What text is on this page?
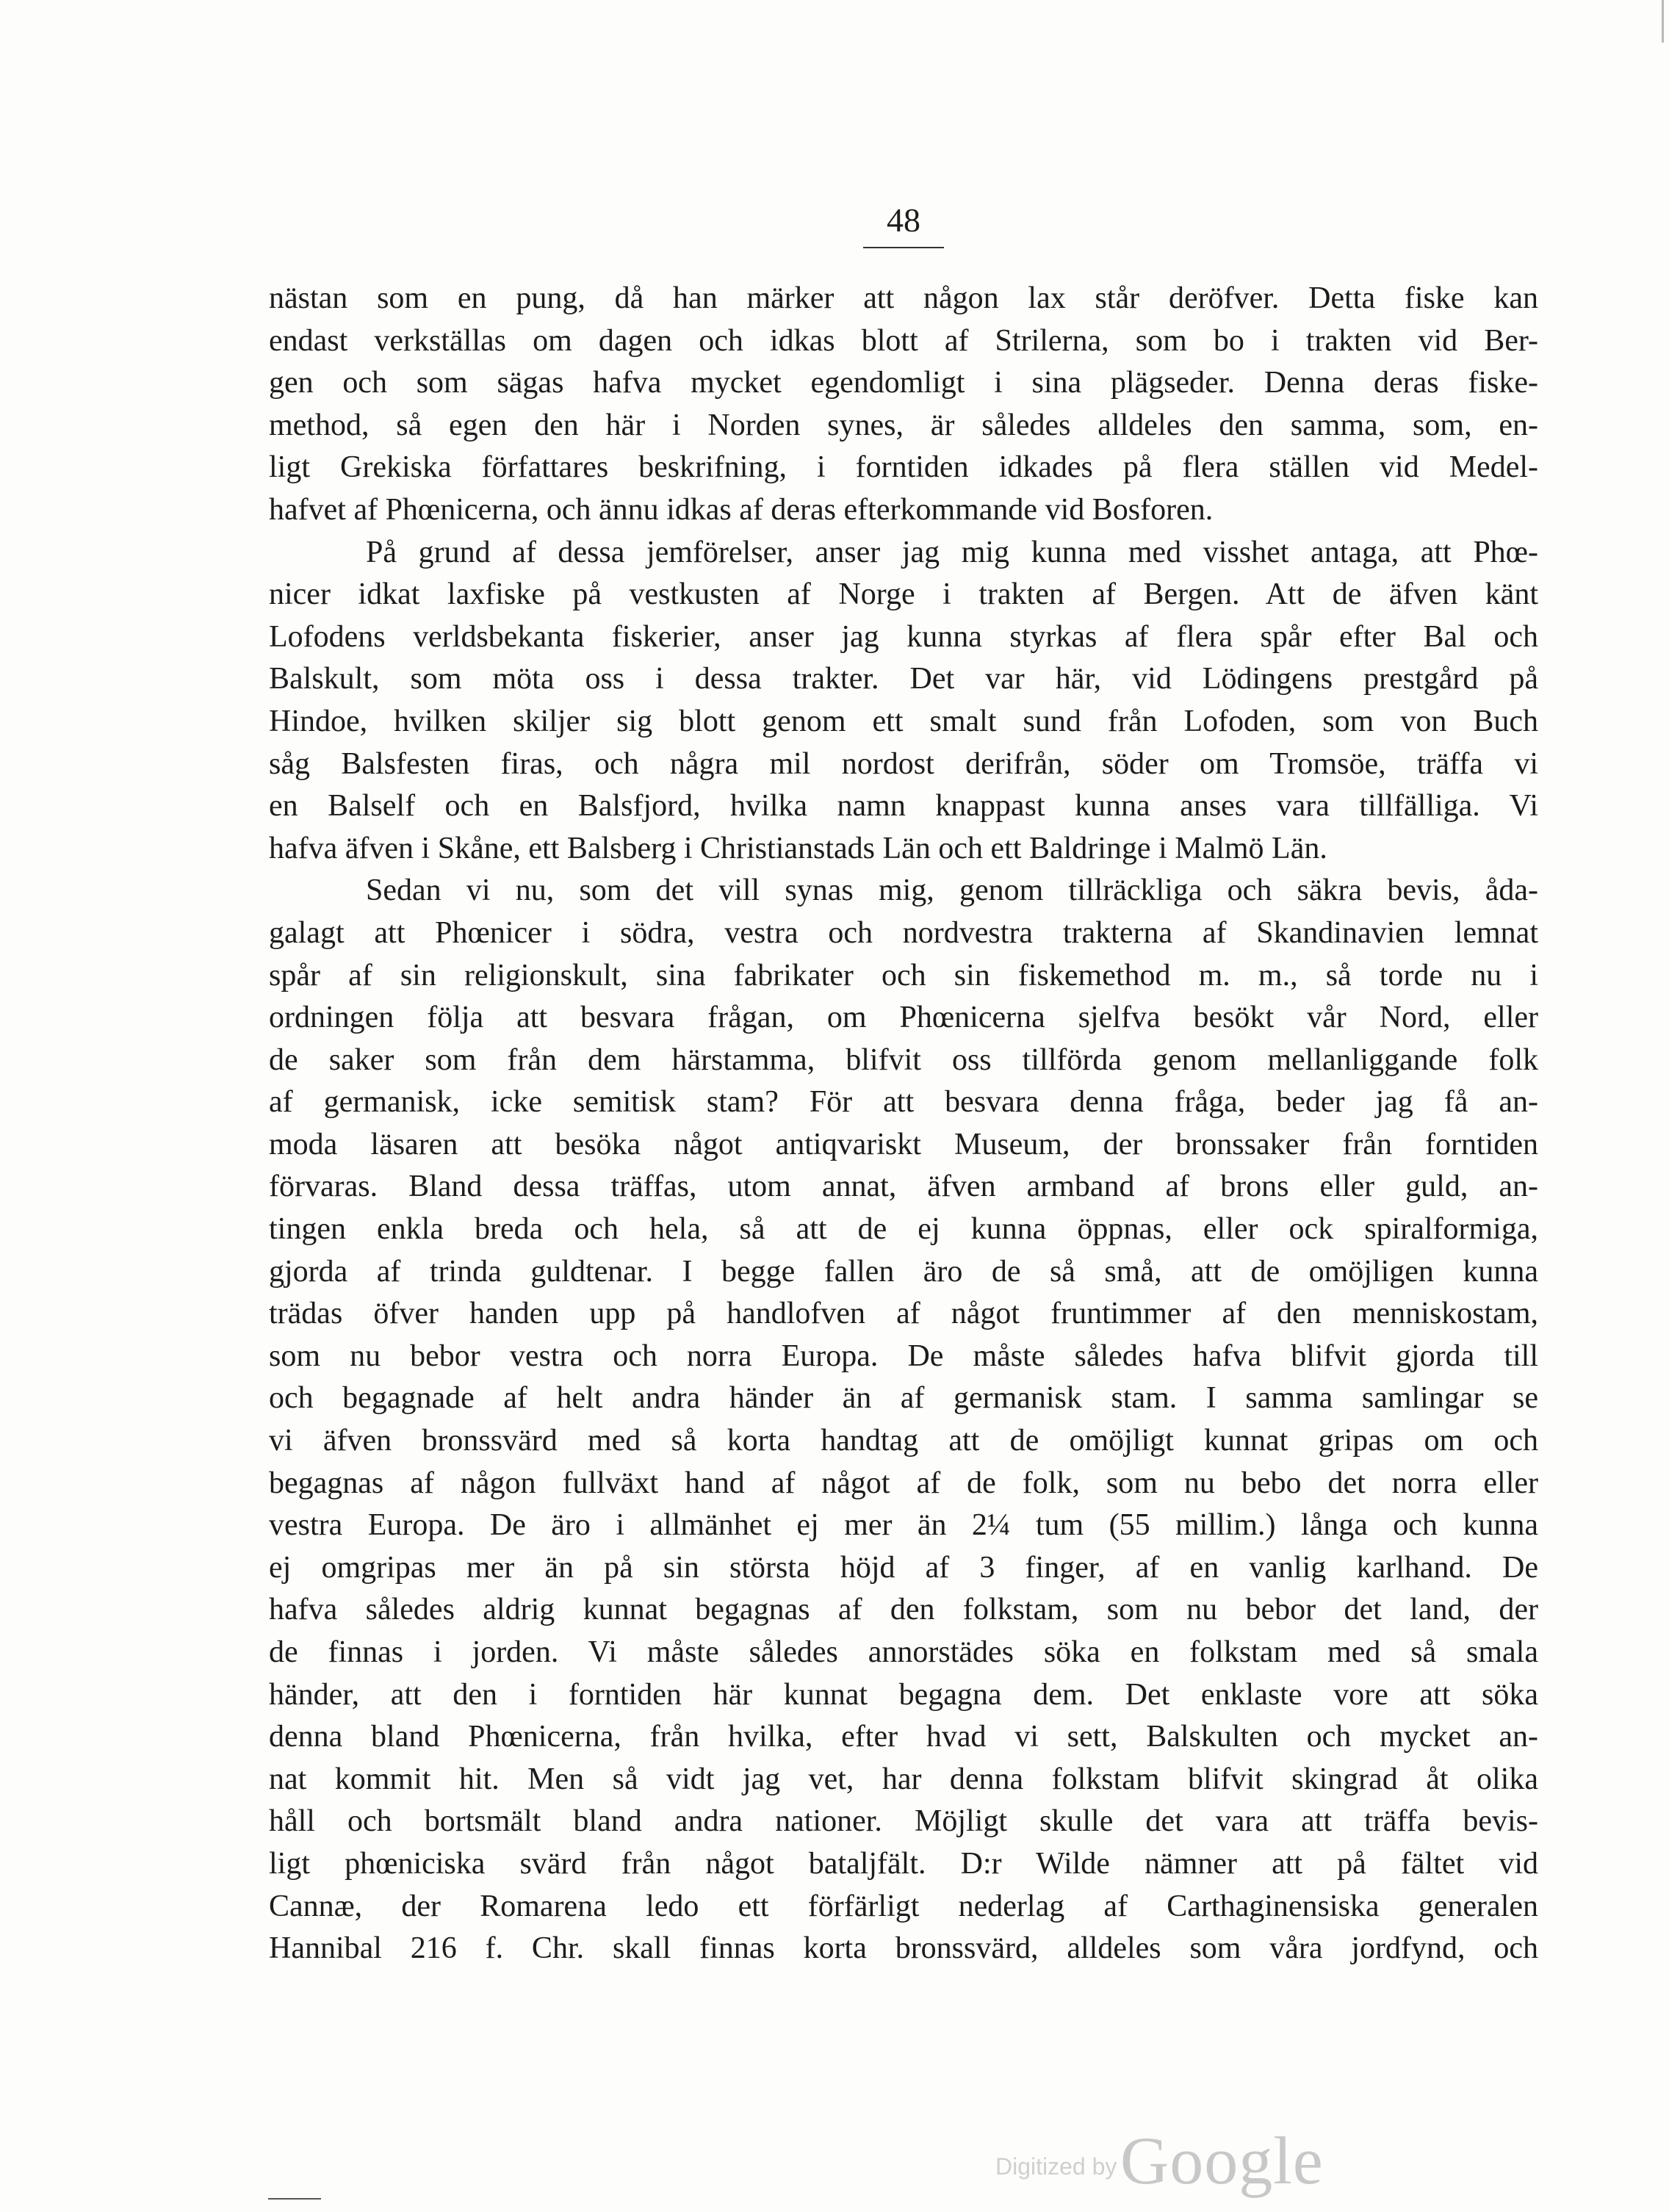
48
nästan som en pung, då han märker att någon lax står deröfver. Detta fiske kan
endast verkställas om dagen och idkas blott af Strilerna, som bo i trakten vid Ber-
gen och som sägas hafva mycket egendomligt i sina plägseder. Denna deras fiske-
method, så egen den här i Norden synes, är således alldeles den samma, som, en-
ligt Grekiska författares beskrifning, i forntiden idkades på flera ställen vid Medel-
hafvet af Phœnicerna, och ännu idkas af deras efterkommande vid Bosforen.
På grund af dessa jemförelser, anser jag mig kunna med visshet antaga, att Phœ-
nicer idkat laxfiske på vestkusten af Norge i trakten af Bergen. Att de äfven känt
Lofodens verldsbekanta fiskerier, anser jag kunna styrkas af flera spår efter Bal och
Balskult, som möta oss i dessa trakter. Det var här, vid Lödingens prestgård på
Hindoe, hvilken skiljer sig blott genom ett smalt sund från Lofoden, som von Buch
såg Balsfesten firas, och några mil nordost derifrån, söder om Tromsöe, träffa vi
en Balself och en Balsfjord, hvilka namn knappast kunna anses vara tillfälliga. Vi
hafva äfven i Skåne, ett Balsberg i Christianstads Län och ett Baldringe i Malmö Län.
Sedan vi nu, som det vill synas mig, genom tillräckliga och säkra bevis, åda-
galagt att Phœnicer i södra, vestra och nordvestra trakterna af Skandinavien lemnat
spår af sin religionskult, sina fabrikater och sin fiskemethod m. m., så torde nu i
ordningen följa att besvara frågan, om Phœnicerna sjelfva besökt vår Nord, eller
de saker som från dem härstamma, blifvit oss tillförda genom mellanliggande folk
af germanisk, icke semitisk stam? För att besvara denna fråga, beder jag få an-
moda läsaren att besöka något antiqvariskt Museum, der bronssaker från forntiden
förvaras. Bland dessa träffas, utom annat, äfven armband af brons eller guld, an-
tingen enkla breda och hela, så att de ej kunna öppnas, eller ock spiralformiga,
gjorda af trinda guldtenar. I begge fallen äro de så små, att de omöjligen kunna
trädas öfver handen upp på handlofven af något fruntimmer af den menniskostam,
som nu bebor vestra och norra Europa. De måste således hafva blifvit gjorda till
och begagnade af helt andra händer än af germanisk stam. I samma samlingar se
vi äfven bronssvärd med så korta handtag att de omöjligt kunnat gripas om och
begagnas af någon fullväxt hand af något af de folk, som nu bebo det norra eller
vestra Europa. De äro i allmänhet ej mer än 2¼ tum (55 millim.) långa och kunna
ej omgripas mer än på sin största höjd af 3 finger, af en vanlig karlhand. De
hafva således aldrig kunnat begagnas af den folkstam, som nu bebor det land, der
de finnas i jorden. Vi måste således annorstädes söka en folkstam med så smala
händer, att den i forntiden här kunnat begagna dem. Det enklaste vore att söka
denna bland Phœnicerna, från hvilka, efter hvad vi sett, Balskulten och mycket an-
nat kommit hit. Men så vidt jag vet, har denna folkstam blifvit skingrad åt olika
håll och bortsmält bland andra nationer. Möjligt skulle det vara att träffa bevis-
ligt phœniciska svärd från något bataljfält. D:r Wilde nämner att på fältet vid
Cannæ, der Romarena ledo ett förfärligt nederlag af Carthaginensiska generalen
Hannibal 216 f. Chr. skall finnas korta bronssvärd, alldeles som våra jordfynd, och
Digitized by Google
